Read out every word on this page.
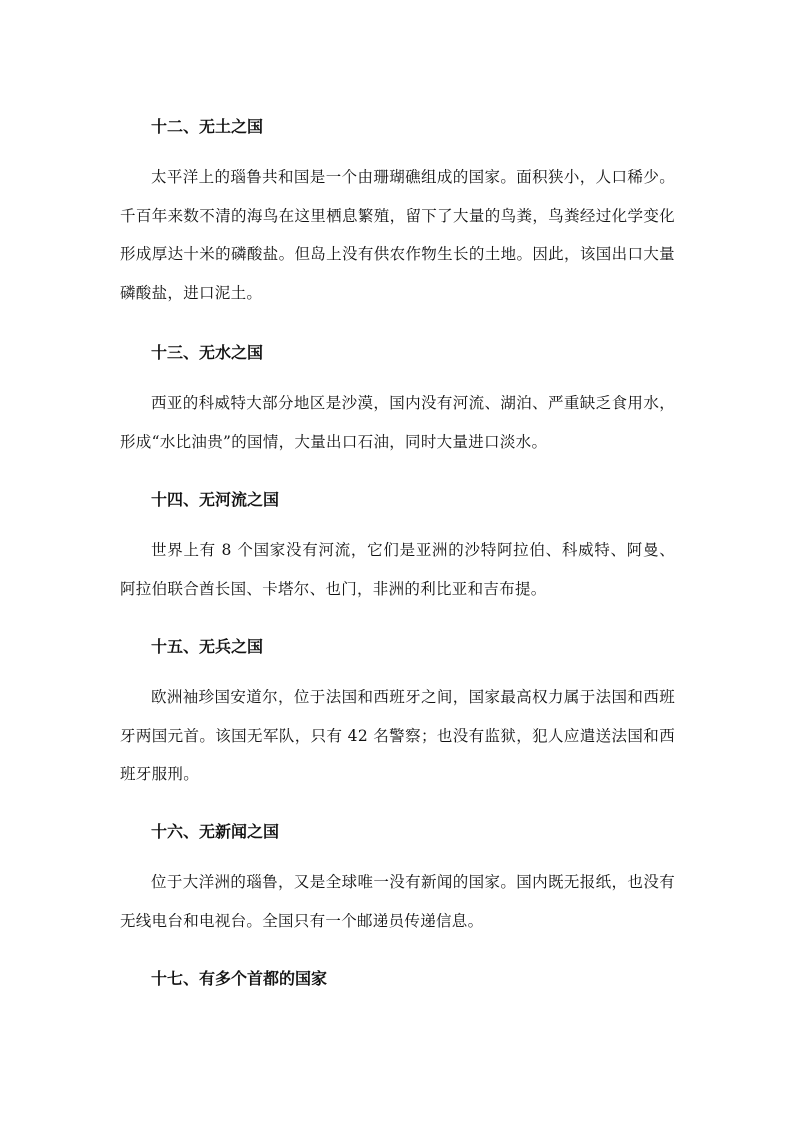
十二、无土之国
太平洋上的瑙鲁共和国是一个由珊瑚礁组成的国家。面积狭小，人口稀少。千百年来数不清的海鸟在这里栖息繁殖，留下了大量的鸟粪，鸟粪经过化学变化形成厚达十米的磷酸盐。但岛上没有供农作物生长的土地。因此，该国出口大量磷酸盐，进口泥土。
十三、无水之国
西亚的科威特大部分地区是沙漠，国内没有河流、湖泊、严重缺乏食用水，形成“水比油贵”的国情，大量出口石油，同时大量进口淡水。
十四、无河流之国
世界上有 8 个国家没有河流，它们是亚洲的沙特阿拉伯、科威特、阿曼、阿拉伯联合酋长国、卡塔尔、也门，非洲的利比亚和吉布提。
十五、无兵之国
欧洲袖珍国安道尔，位于法国和西班牙之间，国家最高权力属于法国和西班牙两国元首。该国无军队，只有 42 名警察；也没有监狱，犯人应遣送法国和西班牙服刑。
十六、无新闻之国
位于大洋洲的瑙鲁，又是全球唯一没有新闻的国家。国内既无报纸，也没有无线电台和电视台。全国只有一个邮递员传递信息。
十七、有多个首都的国家
